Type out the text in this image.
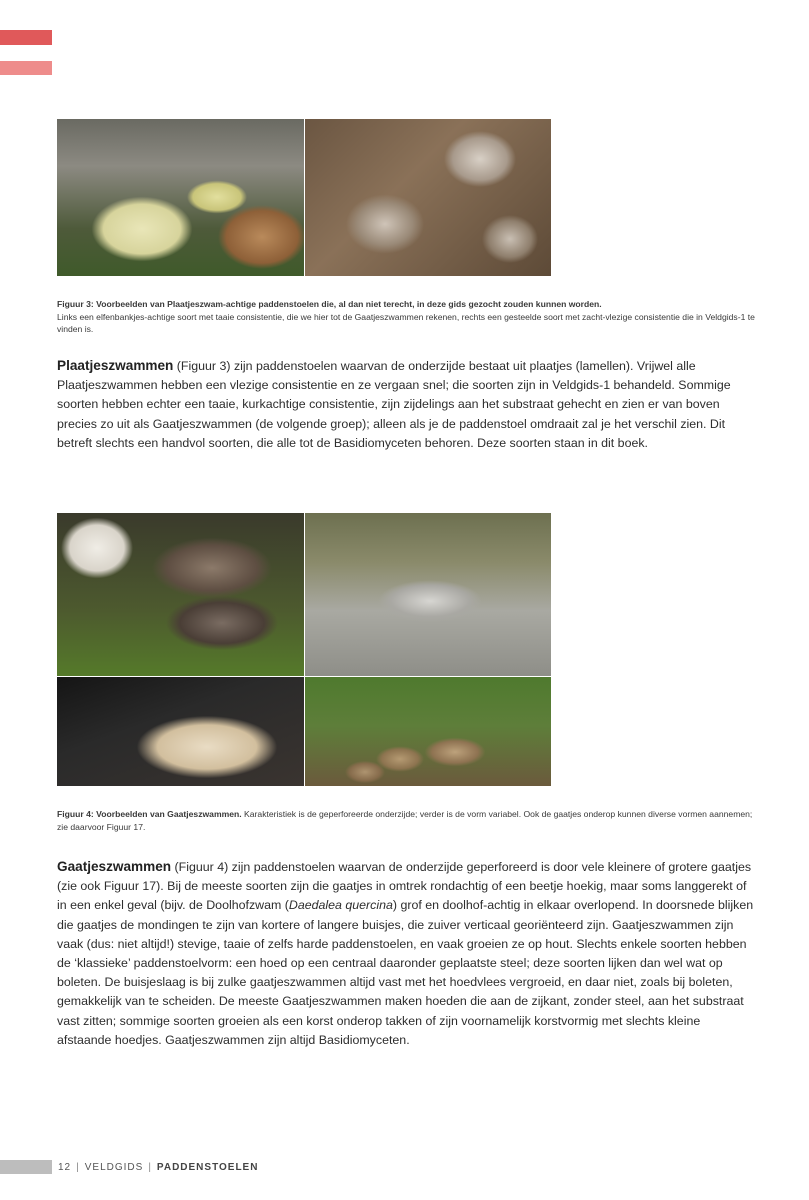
Figuur 3: Voorbeelden van Plaatjeszwam-achtige paddenstoelen die, al dan niet terecht, in deze gids gezocht zouden kunnen worden.
Links een elfenbankjes-achtige soort met taaie consistentie, die we hier tot de Gaatjeszwammen rekenen, rechts een gesteelde soort met zacht-vlezige consistentie die in Veldgids-1 te vinden is.
Plaatjeszwammen (Figuur 3) zijn paddenstoelen waarvan de onderzijde bestaat uit plaatjes (lamellen). Vrijwel alle Plaatjeszwammen hebben een vlezige consistentie en ze vergaan snel; die soorten zijn in Veldgids-1 behandeld. Sommige soorten hebben echter een taaie, kurkachtige consistentie, zijn zijdelings aan het substraat gehecht en zien er van boven precies zo uit als Gaatjeszwammen (de volgende groep); alleen als je de paddenstoel omdraait zal je het verschil zien. Dit betreft slechts een handvol soorten, die alle tot de Basidiomyceten behoren. Deze soorten staan in dit boek.
Figuur 4: Voorbeelden van Gaatjeszwammen. Karakteristiek is de geperforeerde onderzijde; verder is de vorm variabel. Ook de gaatjes onderop kunnen diverse vormen aannemen; zie daarvoor Figuur 17.
Gaatjeszwammen (Figuur 4) zijn paddenstoelen waarvan de onderzijde geperforeerd is door vele kleinere of grotere gaatjes (zie ook Figuur 17). Bij de meeste soorten zijn die gaatjes in omtrek rondachtig of een beetje hoekig, maar soms langgerekt of in een enkel geval (bijv. de Doolhofzwam (Daedalea quercina) grof en doolhof-achtig in elkaar overlopend. In doorsnede blijken die gaatjes de mondingen te zijn van kortere of langere buisjes, die zuiver verticaal georiënteerd zijn. Gaatjeszwammen zijn vaak (dus: niet altijd!) stevige, taaie of zelfs harde paddenstoelen, en vaak groeien ze op hout. Slechts enkele soorten hebben de ‘klassieke’ paddenstoelvorm: een hoed op een centraal daaronder geplaatste steel; deze soorten lijken dan wel wat op boleten. De buisjeslaag is bij zulke gaatjeszwammen altijd vast met het hoedvlees vergroeid, en daar niet, zoals bij boleten, gemakkelijk van te scheiden. De meeste Gaatjeszwammen maken hoeden die aan de zijkant, zonder steel, aan het substraat vast zitten; sommige soorten groeien als een korst onderop takken of zijn voornamelijk korstvormig met slechts kleine afstaande hoedjes. Gaatjeszwammen zijn altijd Basidiomyceten.
12 | VELDGIDS | PADDENSTOELEN
